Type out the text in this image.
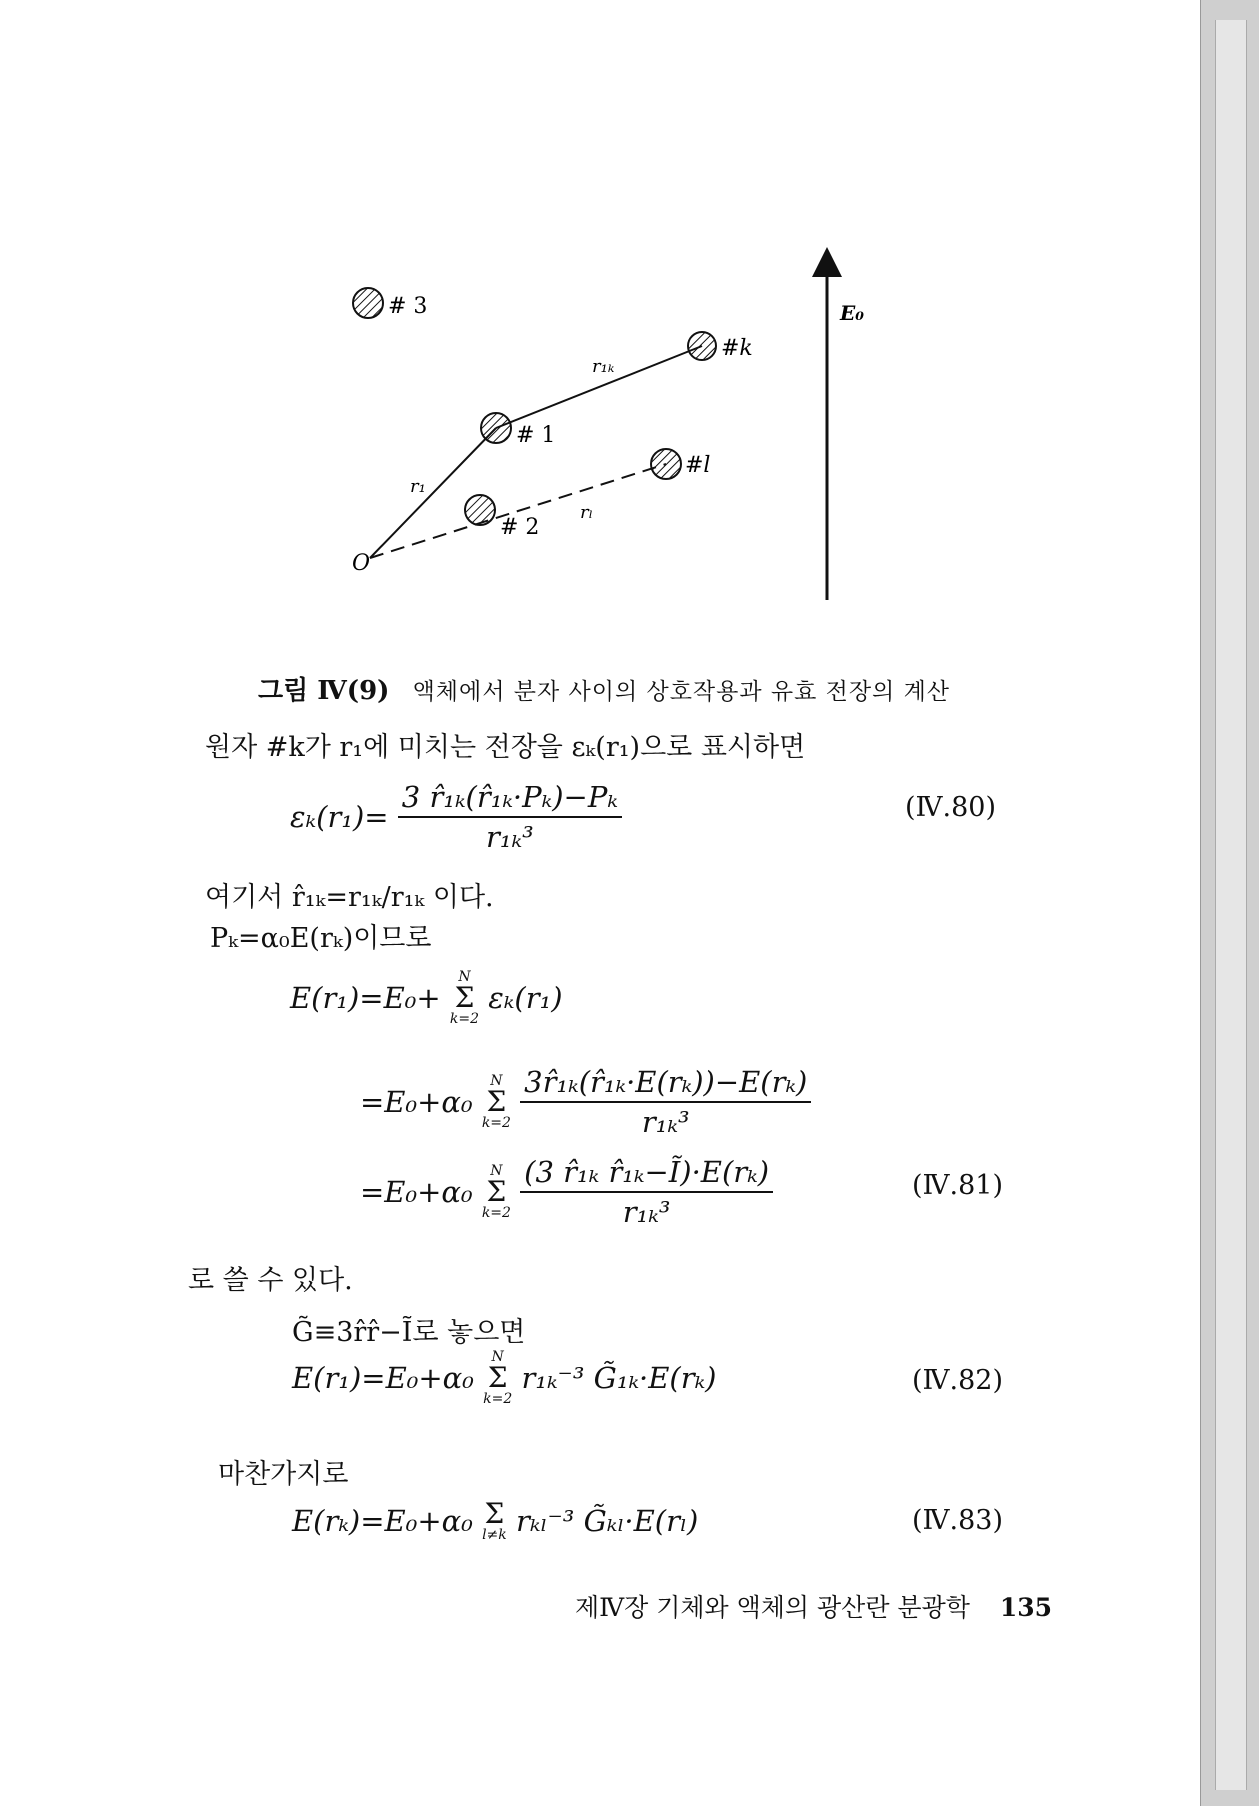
# 3
#k
# 1
#l
# 2
O
E₀
r₁ₖ
r₁
rₗ
그림 Ⅳ(9) 액체에서 분자 사이의 상호작용과 유효 전장의 계산
원자 #k가 r₁에 미치는 전장을 εₖ(r₁)으로 표시하면
$\varepsilon_k(r_1)= \frac{\text{3 r̂₁ₖ(r̂₁ₖ·Pₖ)−Pₖ}}{\text{r₁ₖ³}}$	(Ⅳ.80)
여기서 r̂₁ₖ=r₁ₖ/r₁ₖ 이다.
Pₖ=α₀E(rₖ)이므로
E(r₁)=E₀+
N
Σ
k=2
εₖ(r₁)
=E₀+α₀
N
Σ
k=2
$\frac{\text{3r̂₁ₖ(r̂₁ₖ·E(rₖ))−E(rₖ)}}{\text{r₁ₖ³}}$
=E₀+α₀
N
Σ
k=2
$\frac{\text{(3 r̂₁ₖ r̂₁ₖ−Ĩ)·E(rₖ)}}{\text{r₁ₖ³}}$	(Ⅳ.81)
로 쓸 수 있다.
G̃≡3r̂r̂−Ĩ로 놓으면
E(r₁)=E₀+α₀
N
Σ
k=2
r₁ₖ⁻³ G̃₁ₖ·E(rₖ)	(Ⅳ.82)
마찬가지로
E(rₖ)=E₀+α₀ Σ
l≠k rₖₗ⁻³ G̃ₖₗ·E(rₗ)	(Ⅳ.83)
제Ⅳ장 기체와 액체의 광산란 분광학 135
